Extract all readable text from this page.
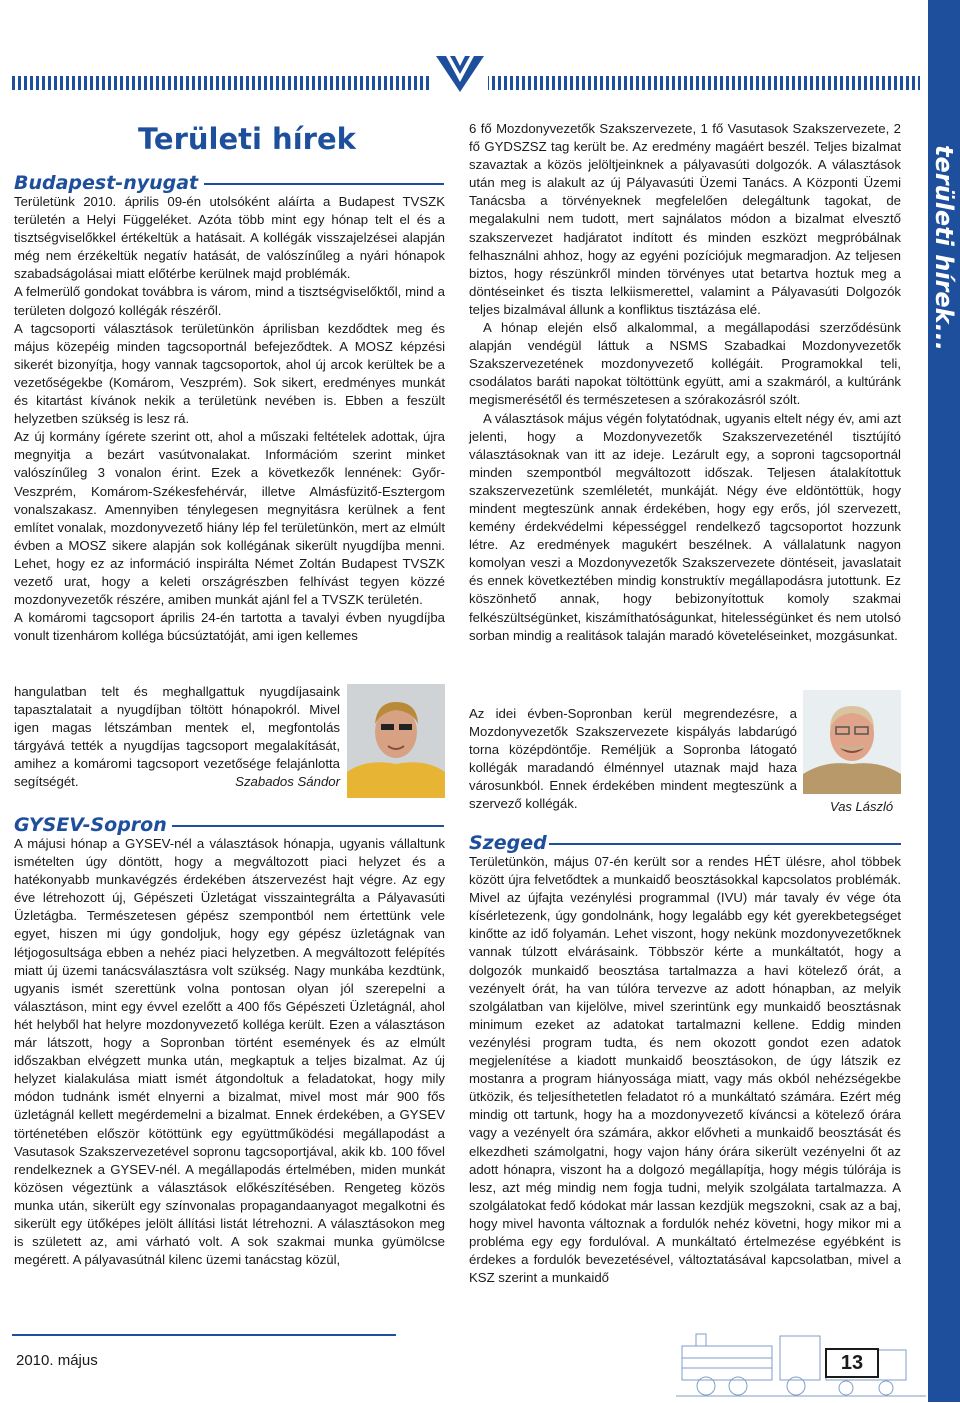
területi hírek...
Területi hírek
Budapest-nyugat

Területünk 2010. április 09-én utolsóként aláírta a Budapest TVSZK területén a Helyi Függeléket. Azóta több mint egy hónap telt el és a tisztségviselőkkel értékeltük a hatásait. A kollégák visszajelzései alapján még nem érzékeltük negatív hatását, de valószínűleg a nyári hónapok szabadságolásai miatt előtérbe kerülnek majd problémák.

A felmerülő gondokat továbbra is várom, mind a tisztségviselőktől, mind a területen dolgozó kollégák részéről.

A tagcsoporti választások területünkön áprilisban kezdődtek meg és május közepéig minden tagcsoportnál befejeződtek. A MOSZ képzési sikerét bizonyítja, hogy vannak tagcsoportok, ahol új arcok kerültek be a vezetőségekbe (Komárom, Veszprém). Sok sikert, eredményes munkát és kitartást kívánok nekik a területünk nevében is. Ebben a feszült helyzetben szükség is lesz rá.

Az új kormány ígérete szerint ott, ahol a műszaki feltételek adottak, újra megnyitja a bezárt vasútvonalakat. Információm szerint minket valószínűleg 3 vonalon érint. Ezek a következők lennének: Győr-Veszprém, Komárom-Székesfehérvár, illetve Almásfüzitő-Esztergom vonalszakasz. Amennyiben ténylegesen megnyitásra kerülnek a fent említet vonalak, mozdonyvezető hiány lép fel területünkön, mert az elmúlt évben a MOSZ sikere alapján sok kollégának sikerült nyugdíjba menni. Lehet, hogy ez az információ inspirálta Német Zoltán Budapest TVSZK vezető urat, hogy a keleti országrészben felhívást tegyen közzé mozdonyvezetők részére, amiben munkát ajánl fel a TVSZK területén.

A komáromi tagcsoport április 24-én tartotta a tavalyi évben nyugdíjba vonult tizenhárom kolléga búcsúztatóját, ami igen kellemes

hangulatban telt és meghallgattuk nyugdíjasaink tapasztalatait a nyugdíjban töltött hónapokról. Mivel igen magas létszámban mentek el, megfontolás tárgyává tették a nyugdíjas tagcsoport megalakítását, amihez a komáromi tagcsoport vezetősége felajánlotta segítségét.	Szabados Sándor

GYSEV-Sopron

A májusi hónap a GYSEV-nél a választások hónapja, ugyanis vállaltunk ismételten úgy döntött, hogy a megváltozott piaci helyzet és a hatékonyabb munkavégzés érdekében átszervezést hajt végre. Az egy éve létrehozott új, Gépészeti Üzletágat visszaintegrálta a Pályavasúti Üzletágba. Természetesen gépész szempontból nem értettünk vele egyet, hiszen mi úgy gondoljuk, hogy egy gépész üzletágnak van létjogosultsága ebben a nehéz piaci helyzetben. A megváltozott felépítés miatt új üzemi tanácsválasztásra volt szükség. Nagy munkába kezdtünk, ugyanis ismét szerettünk volna pontosan olyan jól szerepelni a választáson, mint egy évvel ezelőtt a 400 fős Gépészeti Üzletágnál, ahol hét helyből hat helyre mozdonyvezető kolléga került. Ezen a választáson már látszott, hogy a Sopronban történt események és az elmúlt időszakban elvégzett munka után, megkaptuk a teljes bizalmat. Az új helyzet kialakulása miatt ismét átgondoltuk a feladatokat, hogy mily módon tudnánk ismét elnyerni a bizalmat, mivel most már 900 fős üzletágnál kellett megérdemelni a bizalmat. Ennek érdekében, a GYSEV történetében először kötöttünk egy együttműködési megállapodást a Vasutasok Szakszervezetével sopronu tagcsoportjával, akik kb. 100 fővel rendelkeznek a GYSEV-nél. A megállapodás értelmében, miden munkát közösen végeztünk a választások előkészítésében. Rengeteg közös munka után, sikerült egy színvonalas propagandaanyagot megalkotni és sikerült egy ütőképes jelölt állítási listát létrehozni. A választásokon meg is született az, ami várható volt. A sok szakmai munka gyümölcse megérett. A pályavasútnál kilenc üzemi tanácstag közül,

6 fő Mozdonyvezetők Szakszervezete, 1 fő Vasutasok Szakszervezete, 2 fő GYDSZSZ tag került be. Az eredmény magáért beszél. Teljes bizalmat szavaztak a közös jelöltjeinknek a pályavasúti dolgozók. A választások után meg is alakult az új Pályavasúti Üzemi Tanács. A Központi Üzemi Tanácsba a törvényeknek megfelelően delegáltunk tagokat, de megalakulni nem tudott, mert sajnálatos módon a bizalmat elvesztő szakszervezet hadjáratot indított és minden eszközt megpróbálnak felhasználni ahhoz, hogy az egyéni pozíciójuk megmaradjon. Az teljesen biztos, hogy részünkről minden törvényes utat betartva hoztuk meg a döntéseinket és tiszta lelkiismerettel, valamint a Pályavasúti Dolgozók teljes bizalmával állunk a konfliktus tisztázása elé.

A hónap elején első alkalommal, a megállapodási szerződésünk alapján vendégül láttuk a NSMS Szabadkai Mozdonyvezetők Szakszervezetének mozdonyvezető kollégáit. Programokkal teli, csodálatos baráti napokat töltöttünk együtt, ami a szakmáról, a kultúránk megismerésétől és természetesen a szórakozásról szólt.

A választások május végén folytatódnak, ugyanis eltelt négy év, ami azt jelenti, hogy a Mozdonyvezetők Szakszervezeténél tisztújító választásoknak van itt az ideje. Lezárult egy, a soproni tagcsoportnál minden szempontból megváltozott időszak. Teljesen átalakítottuk szakszervezetünk szemléletét, munkáját. Négy éve eldöntöttük, hogy mindent megteszünk annak érdekében, hogy egy erős, jól szervezett, kemény érdekvédelmi képességgel rendelkező tagcsoportot hozzunk létre. Az eredmények magukért beszélnek. A vállalatunk nagyon komolyan veszi a Mozdonyvezetők Szakszervezete döntéseit, javaslatait és ennek következtében mindig konstruktív megállapodásra jutottunk. Ez köszönhető annak, hogy bebizonyítottuk komoly szakmai felkészültségünket, kiszámíthatóságunkat, hitelességünket és nem utolsó sorban mindig a realitások talaján maradó követeléseinket, mozgásunkat.

Az idei évben-Sopronban kerül megrendezésre, a Mozdonyvezetők Szakszervezete kispályás labdarúgó torna középdöntője. Reméljük a Sopronba látogató kollégák maradandó élménnyel utaznak majd haza városunkból. Ennek érdekében mindent megteszünk a szervező kollégák.	Vas László
Szeged

Területünkön, május 07-én került sor a rendes HÉT ülésre, ahol többek között újra felvetődtek a munkaidő beosztásokkal kapcsolatos problémák. Mivel az újfajta vezénylési programmal (IVU) már tavaly év vége óta kísérletezenk, úgy gondolnánk, hogy legalább egy két gyerekbetegséget kinőtte az idő folyamán. Lehet viszont, hogy nekünk mozdonyvezetőknek vannak túlzott elvárásaink. Többször kérte a munkáltatót, hogy a dolgozók munkaidő beosztása tartalmazza a havi kötelező órát, a vezényelt órát, ha van túlóra tervezve az adott hónapban, az melyik szolgálatban van kijelölve, mivel szerintünk egy munkaidő beosztásnak minimum ezeket az adatokat tartalmazni kellene. Eddig minden vezénylési program tudta, és nem okozott gondot ezen adatok megjelenítése a kiadott munkaidő beosztásokon, de úgy látszik ez mostanra a program hiányossága miatt, vagy más okból nehézségekbe ütközik, és teljesíthetetlen feladatot ró a munkáltató számára. Ezért még mindig ott tartunk, hogy ha a mozdonyvezető kíváncsi a kötelező órára vagy a vezényelt óra számára, akkor elővheti a munkaidő beosztását és elkezdheti számolgatni, hogy vajon hány órára sikerült vezényelni őt az adott hónapra, viszont ha a dolgozó megállapítja, hogy mégis túlórája is lesz, azt még mindig nem fogja tudni, melyik szolgálata tartalmazza. A szolgálatokat fedő kódokat már lassan kezdjük megszokni, csak az a baj, hogy mivel havonta változnak a fordulók nehéz követni, hogy mikor mi a probléma egy egy fordulóval. A munkáltató értelmezése egyébként is érdekes a fordulók bevezetésével, változtatásával kapcsolatban, mivel a KSZ szerint a munkaidő

2010. május	13
